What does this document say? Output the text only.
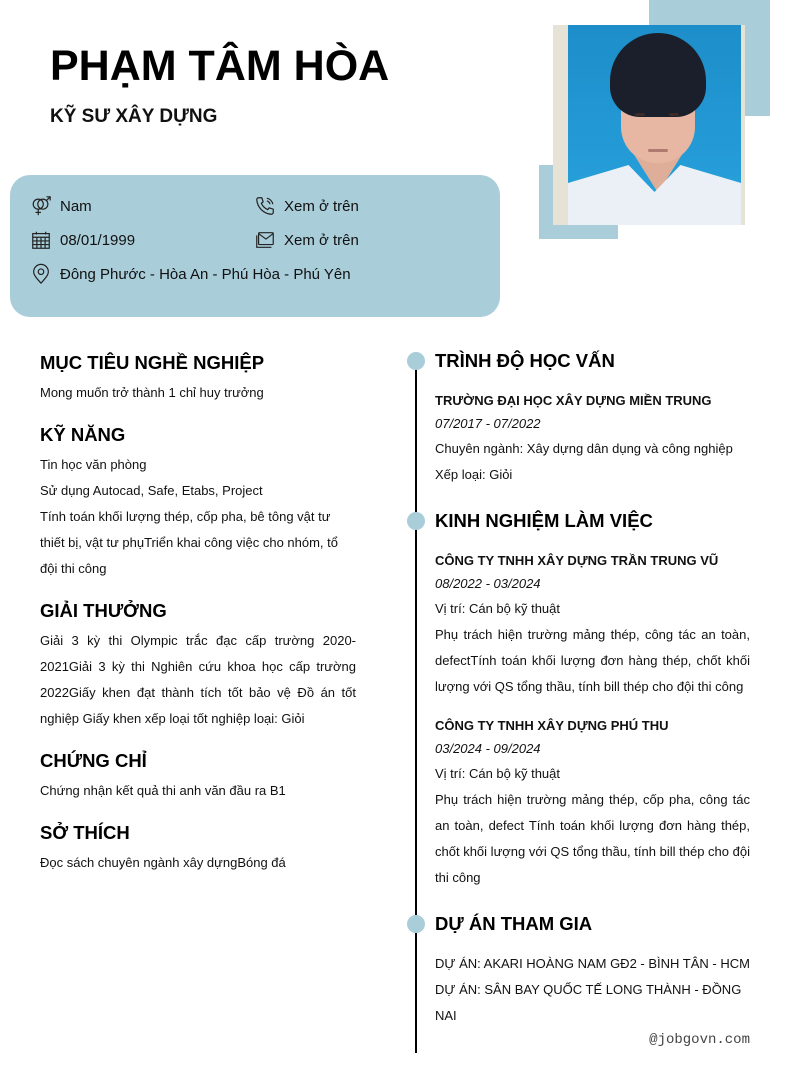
PHẠM TÂM HÒA
KỸ SƯ XÂY DỰNG
Nam	Xem ở trên
08/01/1999	Xem ở trên
Đông Phước - Hòa An - Phú Hòa - Phú Yên
MỤC TIÊU NGHỀ NGHIỆP
Mong muốn trở thành 1 chỉ huy trưởng
KỸ NĂNG
Tin học văn phòng
Sử dụng Autocad, Safe, Etabs, Project
Tính toán khối lượng thép, cốp pha, bê tông vật tư thiết bị, vật tư phụTriển khai công việc cho nhóm, tổ đội thi công
GIẢI THƯỞNG
Giải 3 kỳ thi Olympic trắc đạc cấp trường 2020-2021Giải 3 kỳ thi Nghiên cứu khoa học cấp trường 2022Giấy khen đạt thành tích tốt bảo vệ Đồ án tốt nghiệp Giấy khen xếp loại tốt nghiệp loại: Giỏi
CHỨNG CHỈ
Chứng nhận kết quả thi anh văn đầu ra B1
SỞ THÍCH
Đọc sách chuyên ngành xây dựngBóng đá
TRÌNH ĐỘ HỌC VẤN
TRƯỜNG ĐẠI HỌC XÂY DỰNG MIỀN TRUNG
07/2017 - 07/2022
Chuyên ngành: Xây dựng dân dụng và công nghiệp
Xếp loại: Giỏi
KINH NGHIỆM LÀM VIỆC
CÔNG TY TNHH XÂY DỰNG TRẦN TRUNG VŨ
08/2022 - 03/2024
Vị trí: Cán bộ kỹ thuật
Phụ trách hiện trường mảng thép, công tác an toàn, defectTính toán khối lượng đơn hàng thép, chốt khối lượng với QS tổng thầu, tính bill thép cho đội thi công
CÔNG TY TNHH XÂY DỰNG PHÚ THU
03/2024 - 09/2024
Vị trí: Cán bộ kỹ thuật
Phụ trách hiện trường mảng thép, cốp pha, công tác an toàn, defect Tính toán khối lượng đơn hàng thép, chốt khối lượng với QS tổng thầu, tính bill thép cho đội thi công
DỰ ÁN THAM GIA
DỰ ÁN: AKARI HOÀNG NAM GĐ2 - BÌNH TÂN - HCM
DỰ ÁN: SÂN BAY QUỐC TẾ LONG THÀNH - ĐỒNG NAI
@jobgovn.com
